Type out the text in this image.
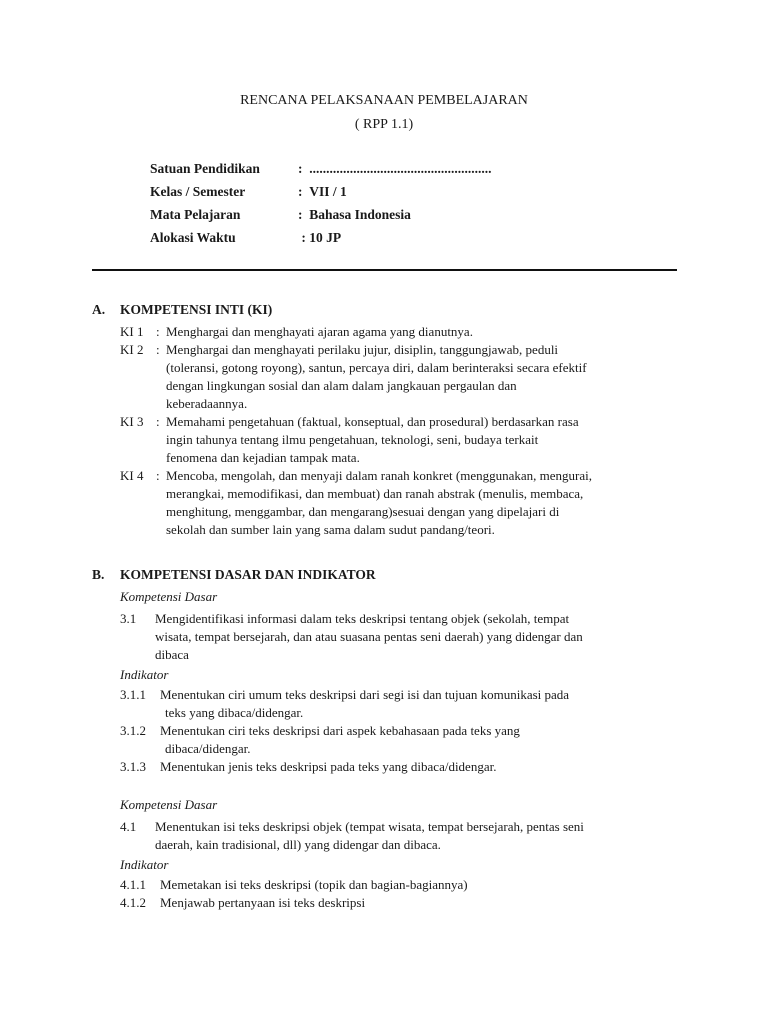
RENCANA PELAKSANAAN PEMBELAJARAN
( RPP 1.1)
Satuan Pendidikan	: ......................................................
Kelas / Semester	: VII / 1
Mata Pelajaran	: Bahasa Indonesia
Alokasi Waktu	: 10 JP
A. KOMPETENSI INTI (KI)
KI 1 : Menghargai dan menghayati ajaran agama yang dianutnya.
KI 2 : Menghargai dan menghayati perilaku jujur, disiplin, tanggungjawab, peduli
(toleransi, gotong royong), santun, percaya diri, dalam berinteraksi secara efektif
dengan lingkungan sosial dan alam dalam jangkauan pergaulan dan
keberadaannya.
KI 3 : Memahami pengetahuan (faktual, konseptual, dan prosedural) berdasarkan rasa
ingin tahunya tentang ilmu pengetahuan, teknologi, seni, budaya terkait
fenomena dan kejadian tampak mata.
KI 4 : Mencoba, mengolah, dan menyaji dalam ranah konkret (menggunakan, mengurai,
merangkai, memodifikasi, dan membuat) dan ranah abstrak (menulis, membaca,
menghitung, menggambar, dan mengarang)sesuai dengan yang dipelajari di
sekolah dan sumber lain yang sama dalam sudut pandang/teori.
B. KOMPETENSI DASAR DAN INDIKATOR
Kompetensi Dasar
3.1 Mengidentifikasi informasi dalam teks deskripsi tentang objek (sekolah, tempat
wisata, tempat bersejarah, dan atau suasana pentas seni daerah) yang didengar dan
dibaca
Indikator
3.1.1 Menentukan ciri umum teks deskripsi dari segi isi dan tujuan komunikasi pada
teks yang dibaca/didengar.
3.1.2 Menentukan ciri teks deskripsi dari aspek kebahasaan pada teks yang
dibaca/didengar.
3.1.3 Menentukan jenis teks deskripsi pada teks yang dibaca/didengar.
Kompetensi Dasar
4.1 Menentukan isi teks deskripsi objek (tempat wisata, tempat bersejarah, pentas seni
daerah, kain tradisional, dll) yang didengar dan dibaca.
Indikator
4.1.1 Memetakan isi teks deskripsi (topik dan bagian-bagiannya)
4.1.2 Menjawab pertanyaan isi teks deskripsi
